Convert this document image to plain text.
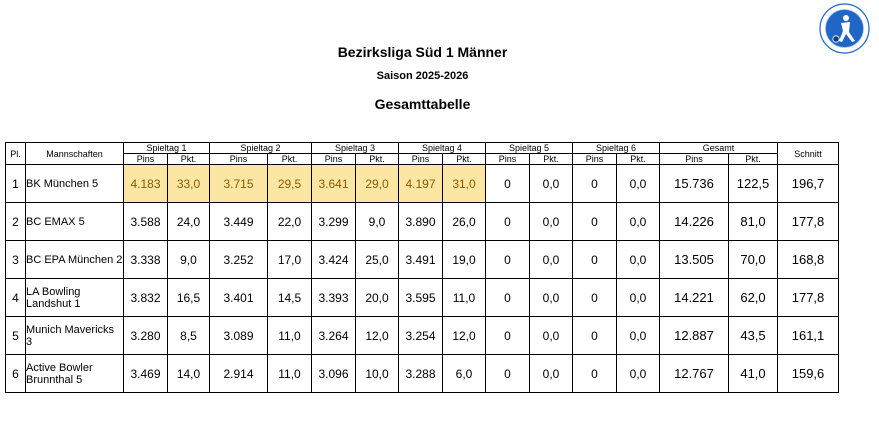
Bezirksliga Süd 1 Männer
Saison 2025-2026
Gesamttabelle
Pl.	Mannschaften	Spieltag 1		Spieltag 2		Spieltag 3		Spieltag 4		Spieltag 5		Spieltag 6		Gesamt		Schnitt
		Pins	Pkt.	Pins	Pkt.	Pins	Pkt.	Pins	Pkt.	Pins	Pkt.	Pins	Pkt.	Pins	Pkt.	
1	BK München 5	4.183	33,0	3.715	29,5	3.641	29,0	4.197	31,0	0	0,0	0	0,0	15.736	122,5	196,7
2	BC EMAX 5	3.588	24,0	3.449	22,0	3.299	9,0	3.890	26,0	0	0,0	0	0,0	14.226	81,0	177,8
3	BC EPA München 2	3.338	9,0	3.252	17,0	3.424	25,0	3.491	19,0	0	0,0	0	0,0	13.505	70,0	168,8
4	LA Bowling Landshut 1	3.832	16,5	3.401	14,5	3.393	20,0	3.595	11,0	0	0,0	0	0,0	14.221	62,0	177,8
5	Munich Mavericks 3	3.280	8,5	3.089	11,0	3.264	12,0	3.254	12,0	0	0,0	0	0,0	12.887	43,5	161,1
6	Active Bowler Brunnthal 5	3.469	14,0	2.914	11,0	3.096	10,0	3.288	6,0	0	0,0	0	0,0	12.767	41,0	159,6
